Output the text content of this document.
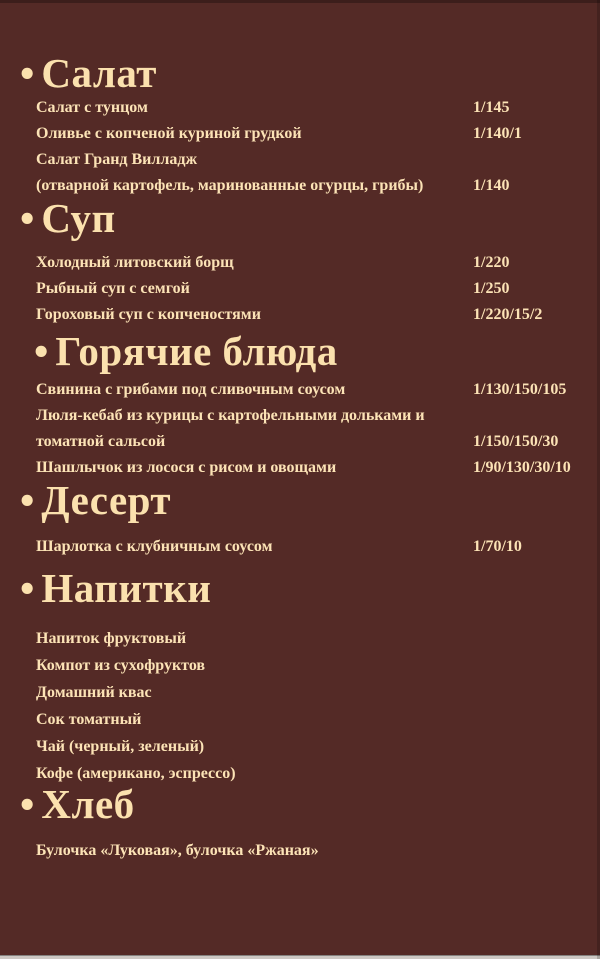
• Салат
Салат с тунцом	1/145
Оливье с копченой куриной грудкой	1/140/1
Салат Гранд Вилладж
(отварной картофель, маринованные огурцы, грибы)	1/140
• Суп
Холодный литовский борщ	1/220
Рыбный суп с семгой	1/250
Гороховый суп с копченостями	1/220/15/2
• Горячие блюда
Свинина с грибами под сливочным соусом	1/130/150/105
Люля-кебаб из курицы с картофельными дольками и
томатной сальсой	1/150/150/30
Шашлычок из лосося с рисом и овощами	1/90/130/30/10
• Десерт
Шарлотка с клубничным соусом	1/70/10
• Напитки
Напиток фруктовый
Компот из сухофруктов
Домашний квас
Сок томатный
Чай (черный, зеленый)
Кофе (американо, эспрессо)
• Хлеб
Булочка «Луковая», булочка «Ржаная»
